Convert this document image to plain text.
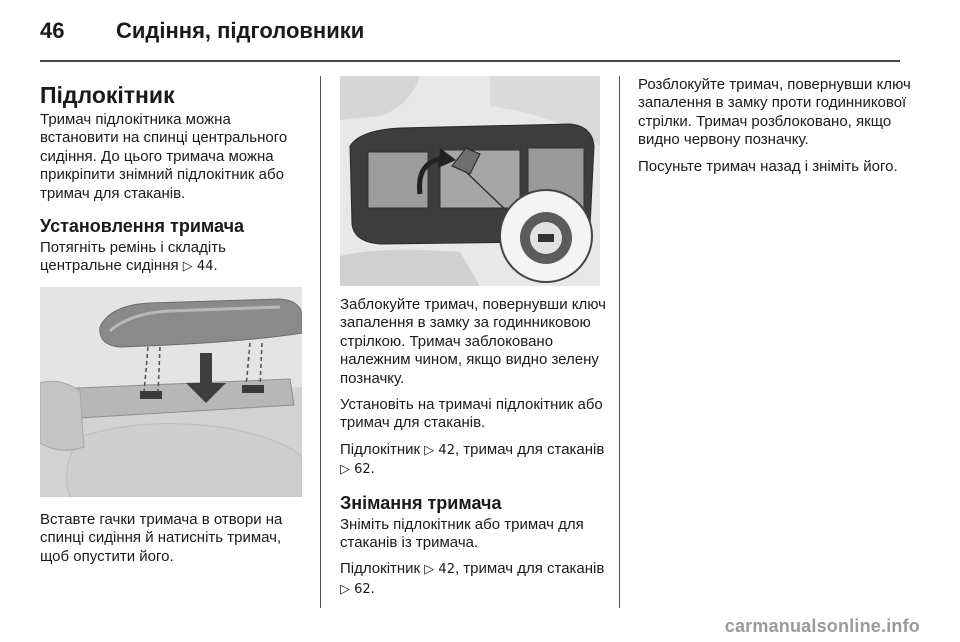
46 Сидіння, підголовники
Підлокітник

Тримач підлокітника можна встановити на спинці центрального сидіння. До цього тримача можна прикріпити знімний підлокітник або тримач для стаканів.

Установлення тримача

Потягніть ремінь і складіть центральне сидіння ▷ 44.

Вставте гачки тримача в отвори на спинці сидіння й натисніть тримач, щоб опустити його.

Заблокуйте тримач, повернувши ключ запалення в замку за годинниковою стрілкою. Тримач заблоковано належним чином, якщо видно зелену позначку.

Установіть на тримачі підлокітник або тримач для стаканів.

Підлокітник ▷ 42, тримач для стаканів ▷ 62.

Знімання тримача

Зніміть підлокітник або тримач для стаканів із тримача.

Підлокітник ▷ 42, тримач для стаканів ▷ 62.

Розблокуйте тримач, повернувши ключ запалення в замку проти годинникової стрілки. Тримач розблоковано, якщо видно червону позначку.

Посуньте тримач назад і зніміть його.

carmanualsonline.info
